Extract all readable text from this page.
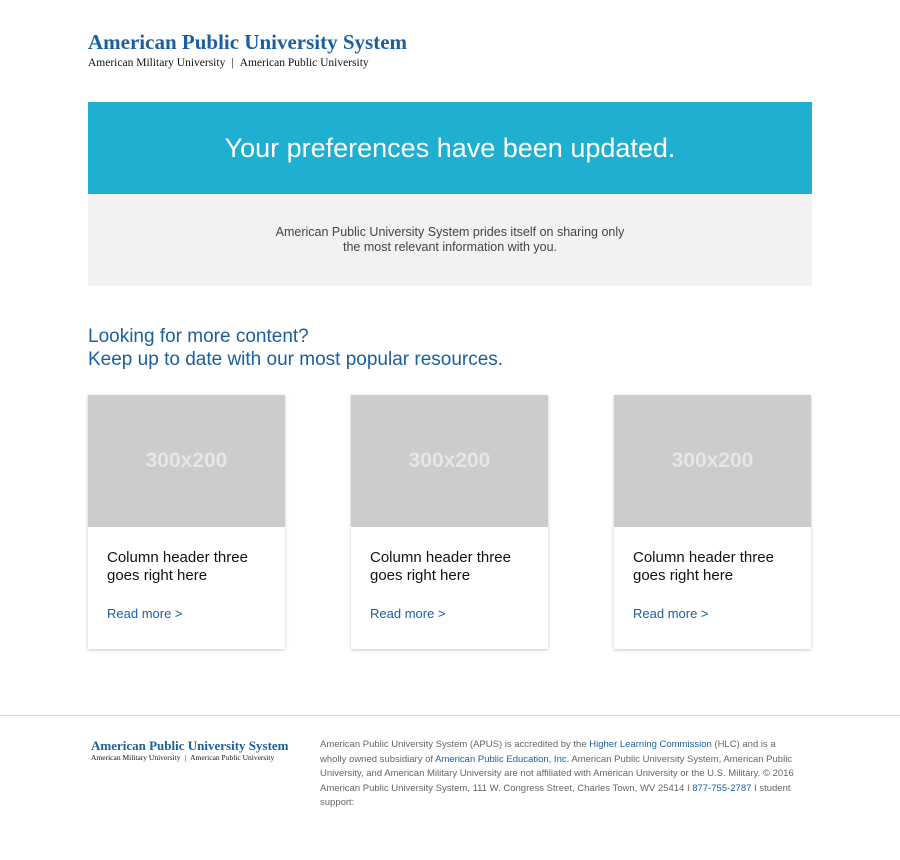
American Public University System
American Military University | American Public University
Your preferences have been updated.

American Public University System prides itself on sharing only the most relevant information with you.

Looking for more content?
Keep up to date with our most popular resources.
300x200
Column header three goes right here
Read more >
300x200
Column header three goes right here
Read more >
300x200
Column header three goes right here
Read more >
American Public University System
American Military University | American Public University
American Public University System (APUS) is accredited by the Higher Learning Commission (HLC) and is a wholly owned subsidiary of American Public Education, Inc. American Public University System, American Public University, and American Military University are not affiliated with American University or the U.S. Military. © 2016 American Public University System, 111 W. Congress Street, Charles Town, WV 25414 I 877-755-2787 I student support:
